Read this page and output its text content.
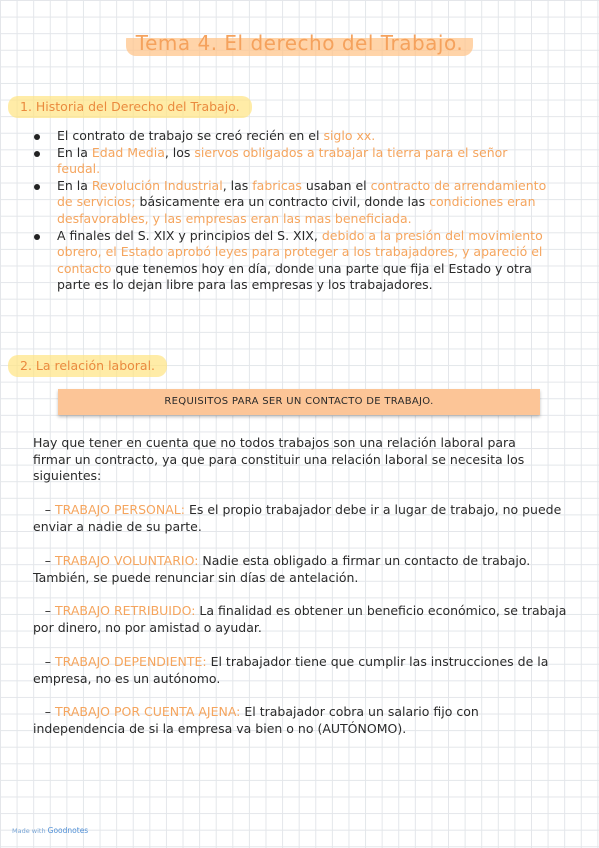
Tema 4. El derecho del Trabajo.
1. Historia del Derecho del Trabajo.
El contrato de trabajo se creó recién en el siglo xx.
En la Edad Media, los siervos obligados a trabajar la tierra para el señor feudal.
En la Revolución Industrial, las fabricas usaban el contracto de arrendamiento de servicios; básicamente era un contracto civil, donde las condiciones eran desfavorables, y las empresas eran las mas beneficiada.
A finales del S. XIX y principios del S. XIX, debido a la presión del movimiento obrero, el Estado aprobó leyes para proteger a los trabajadores, y apareció el contacto que tenemos hoy en día, donde una parte que fija el Estado y otra parte es lo dejan libre para las empresas y los trabajadores.
2. La relación laboral.
REQUISITOS PARA SER UN CONTACTO DE TRABAJO.

Hay que tener en cuenta que no todos trabajos son una relación laboral para firmar un contracto, ya que para constituir una relación laboral se necesita los siguientes:

– TRABAJO PERSONAL: Es el propio trabajador debe ir a lugar de trabajo, no puede enviar a nadie de su parte.

– TRABAJO VOLUNTARIO: Nadie esta obligado a firmar un contacto de trabajo. También, se puede renunciar sin días de antelación.

– TRABAJO RETRIBUIDO: La finalidad es obtener un beneficio económico, se trabaja por dinero, no por amistad o ayudar.

– TRABAJO DEPENDIENTE: El trabajador tiene que cumplir las instrucciones de la empresa, no es un autónomo.

– TRABAJO POR CUENTA AJENA: El trabajador cobra un salario fijo con independencia de si la empresa va bien o no (AUTÓNOMO).

Made with Goodnotes
